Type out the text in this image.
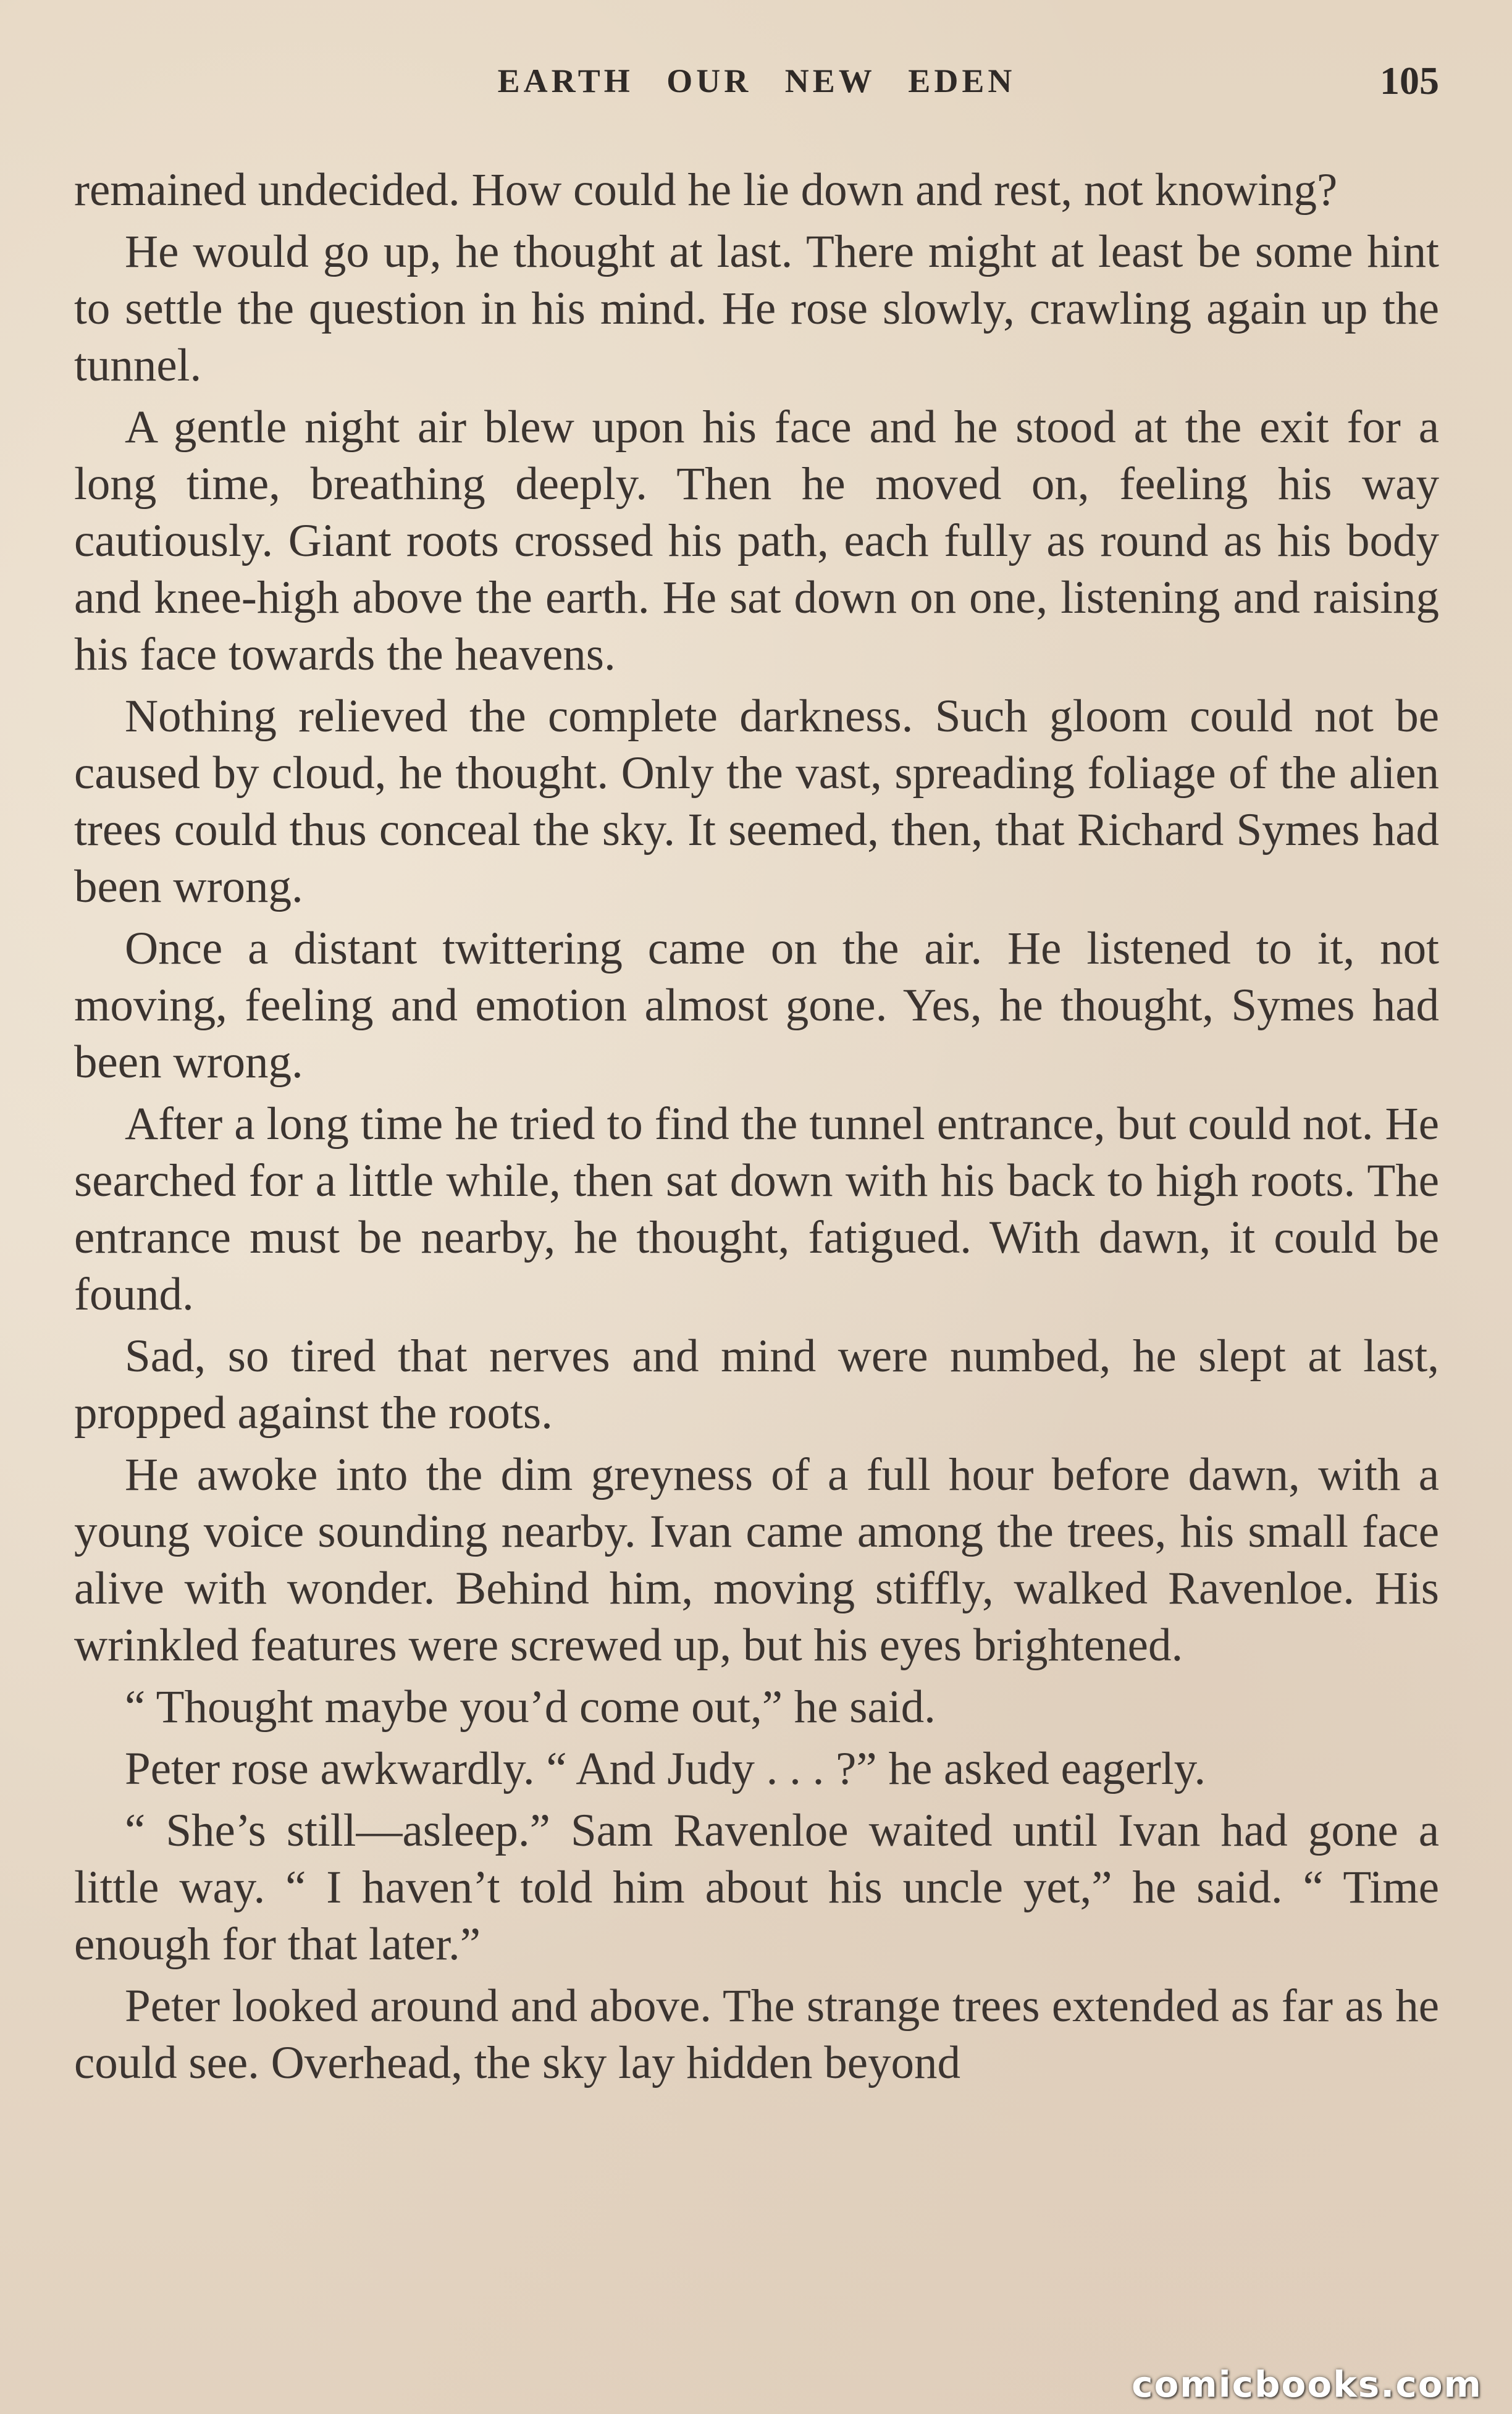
EARTH OUR NEW EDEN	105

remained undecided. How could he lie down and rest, not knowing?

He would go up, he thought at last. There might at least be some hint to settle the question in his mind. He rose slowly, crawling again up the tunnel.

A gentle night air blew upon his face and he stood at the exit for a long time, breathing deeply. Then he moved on, feeling his way cautiously. Giant roots crossed his path, each fully as round as his body and knee-high above the earth. He sat down on one, listening and raising his face towards the heavens.

Nothing relieved the complete darkness. Such gloom could not be caused by cloud, he thought. Only the vast, spreading foliage of the alien trees could thus conceal the sky. It seemed, then, that Richard Symes had been wrong.

Once a distant twittering came on the air. He listened to it, not moving, feeling and emotion almost gone. Yes, he thought, Symes had been wrong.

After a long time he tried to find the tunnel entrance, but could not. He searched for a little while, then sat down with his back to high roots. The entrance must be nearby, he thought, fatigued. With dawn, it could be found.

Sad, so tired that nerves and mind were numbed, he slept at last, propped against the roots.

He awoke into the dim greyness of a full hour before dawn, with a young voice sounding nearby. Ivan came among the trees, his small face alive with wonder. Behind him, moving stiffly, walked Ravenloe. His wrinkled features were screwed up, but his eyes brightened.

“ Thought maybe you’d come out,” he said.

Peter rose awkwardly. “ And Judy . . . ?” he asked eagerly.

“ She’s still—asleep.” Sam Ravenloe waited until Ivan had gone a little way. “ I haven’t told him about his uncle yet,” he said. “ Time enough for that later.”

Peter looked around and above. The strange trees extended as far as he could see. Overhead, the sky lay hidden beyond

comicbooks.com
